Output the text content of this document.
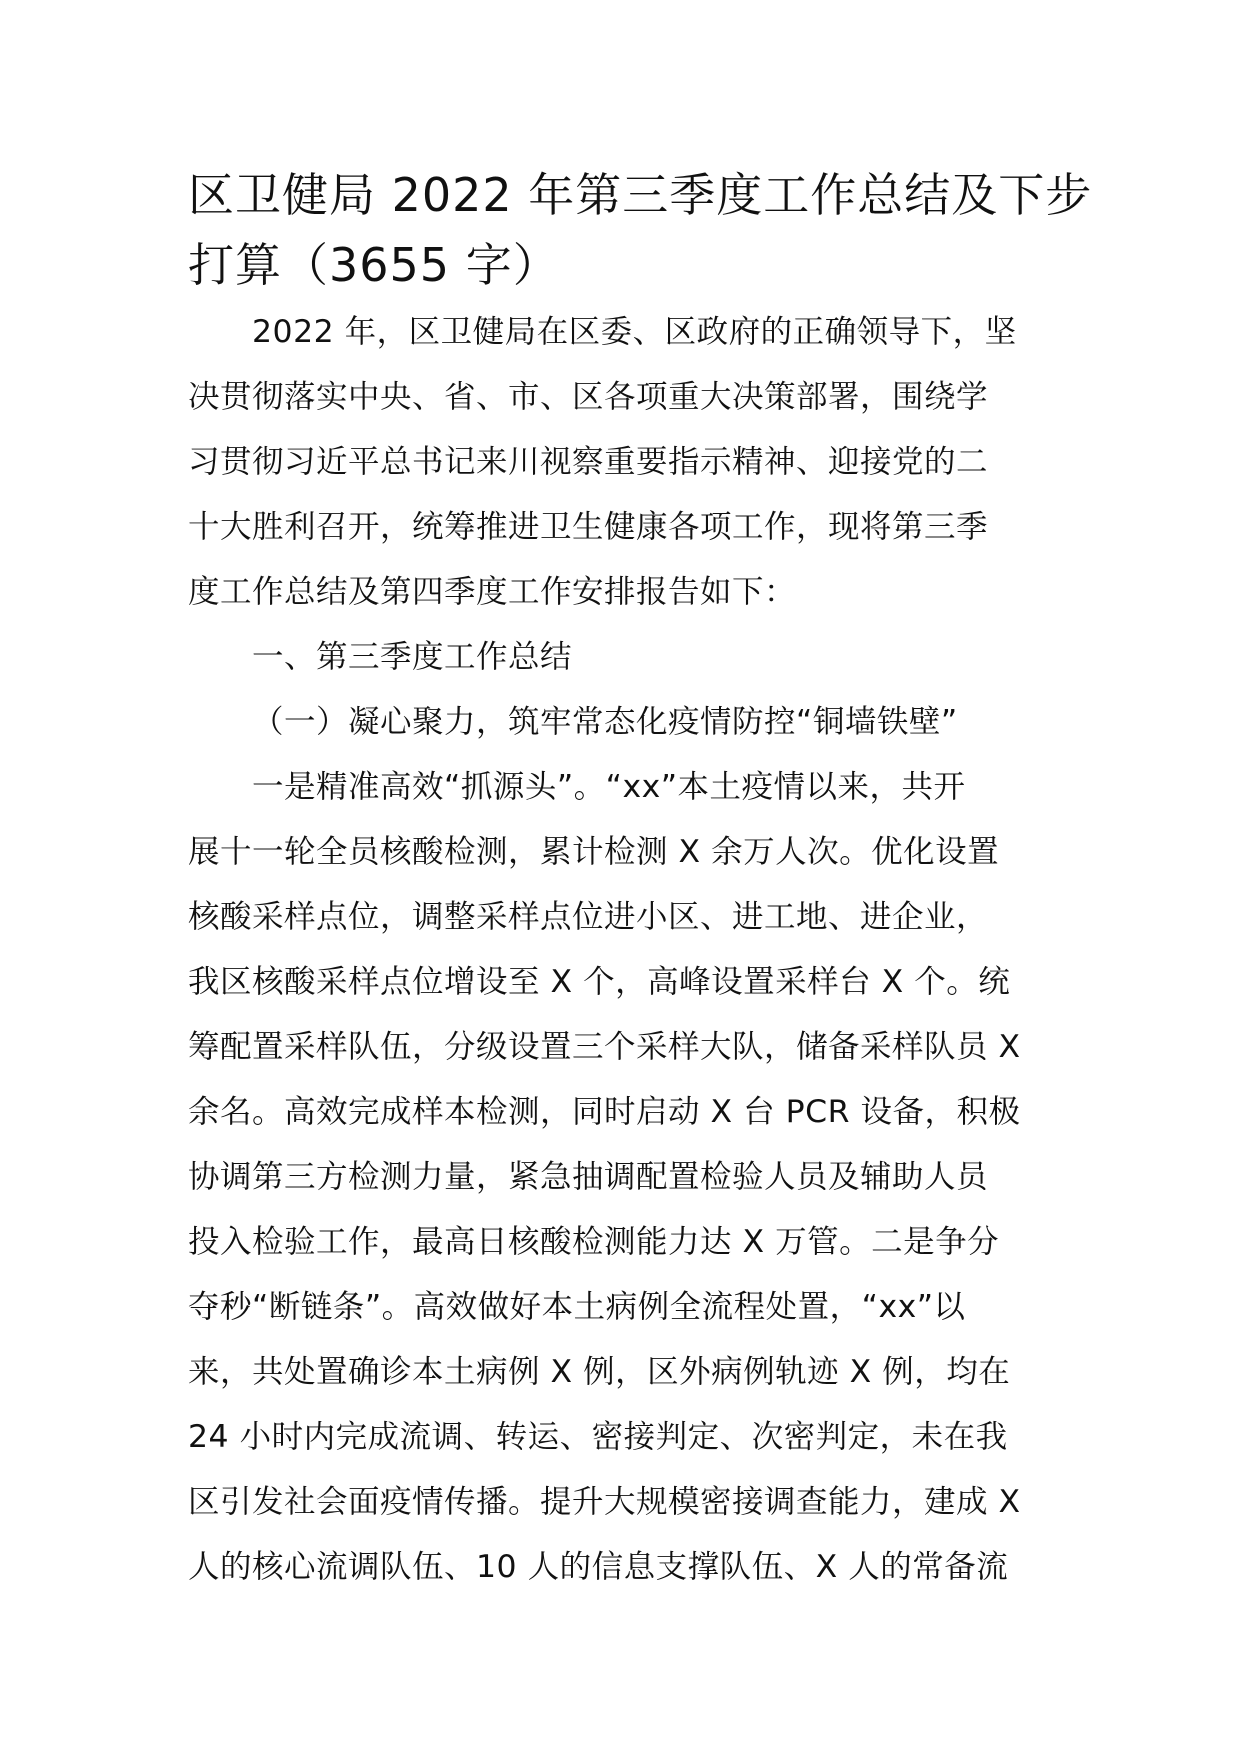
区卫健局 2022 年第三季度工作总结及下步
打算（3655 字）
2022 年，区卫健局在区委、区政府的正确领导下，坚
决贯彻落实中央、省、市、区各项重大决策部署，围绕学
习贯彻习近平总书记来川视察重要指示精神、迎接党的二
十大胜利召开，统筹推进卫生健康各项工作，现将第三季
度工作总结及第四季度工作安排报告如下：
一、第三季度工作总结
（一）凝心聚力，筑牢常态化疫情防控“铜墙铁壁”
一是精准高效“抓源头”。“xx”本土疫情以来，共开
展十一轮全员核酸检测，累计检测 X 余万人次。优化设置
核酸采样点位，调整采样点位进小区、进工地、进企业，
我区核酸采样点位增设至 X 个，高峰设置采样台 X 个。统
筹配置采样队伍，分级设置三个采样大队，储备采样队员 X
余名。高效完成样本检测，同时启动 X 台 PCR 设备，积极
协调第三方检测力量，紧急抽调配置检验人员及辅助人员
投入检验工作，最高日核酸检测能力达 X 万管。二是争分
夺秒“断链条”。高效做好本土病例全流程处置，“xx”以
来，共处置确诊本土病例 X 例，区外病例轨迹 X 例，均在
24 小时内完成流调、转运、密接判定、次密判定，未在我
区引发社会面疫情传播。提升大规模密接调查能力，建成 X
人的核心流调队伍、10 人的信息支撑队伍、X 人的常备流
